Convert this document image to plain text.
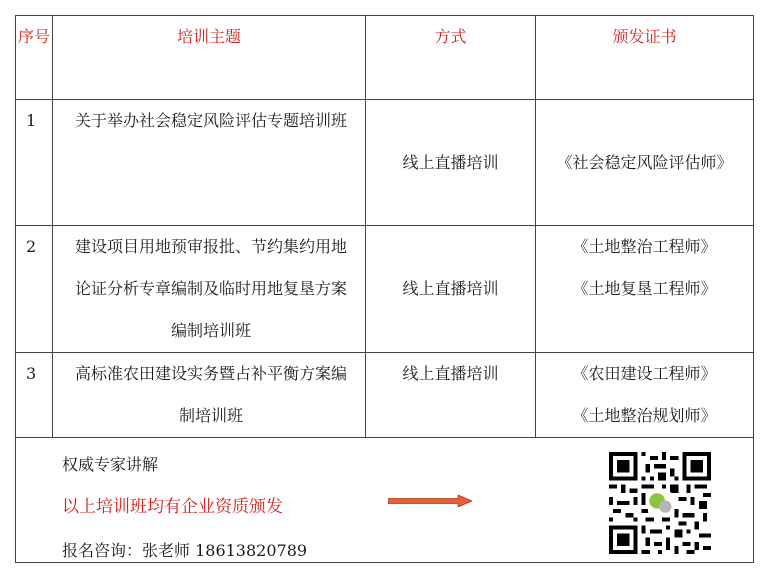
序号	培训主题	方式	颁发证书
1	关于举办社会稳定风险评估专题培训班	线上直播培训	《社会稳定风险评估师》

2	建设项目用地预审报批、节约集约用地论证分析专章编制及临时用地复垦方案编制培训班	线上直播培训	《土地整治工程师》
《土地复垦工程师》

3	高标准农田建设实务暨占补平衡方案编制培训班	线上直播培训	《农田建设工程师》
《土地整治规划师》

权威专家讲解
以上培训班均有企业资质颁发
报名咨询：张老师 18613820789			
